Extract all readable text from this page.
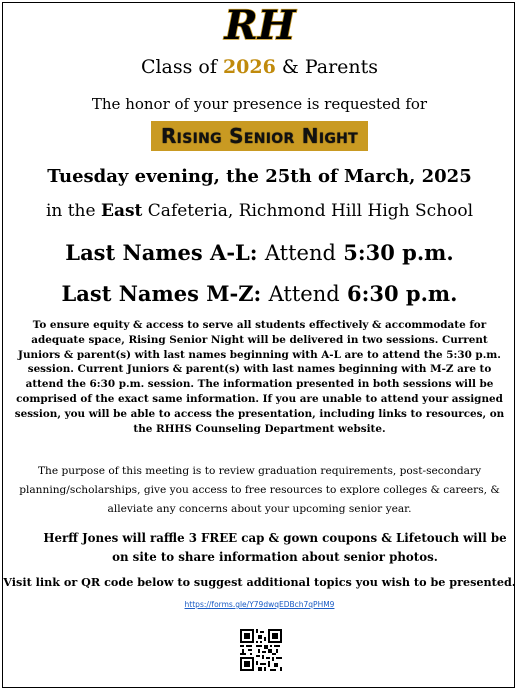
RH
Class of 2026 & Parents
The honor of your presence is requested for
Rising Senior Night
Tuesday evening, the 25th of March, 2025
in the East Cafeteria, Richmond Hill High School
Last Names A-L: Attend 5:30 p.m.
Last Names M-Z: Attend 6:30 p.m.
To ensure equity & access to serve all students effectively & accommodate for adequate space, Rising Senior Night will be delivered in two sessions. Current Juniors & parent(s) with last names beginning with A-L are to attend the 5:30 p.m. session. Current Juniors & parent(s) with last names beginning with M-Z are to attend the 6:30 p.m. session. The information presented in both sessions will be comprised of the exact same information. If you are unable to attend your assigned session, you will be able to access the presentation, including links to resources, on the RHHS Counseling Department website.
The purpose of this meeting is to review graduation requirements, post-secondary planning/scholarships, give you access to free resources to explore colleges & careers, & alleviate any concerns about your upcoming senior year.
Herff Jones will raffle 3 FREE cap & gown coupons & Lifetouch will be on site to share information about senior photos.
Visit link or QR code below to suggest additional topics you wish to be presented.
https://forms.gle/Y79dwqEDBch7qPHM9
